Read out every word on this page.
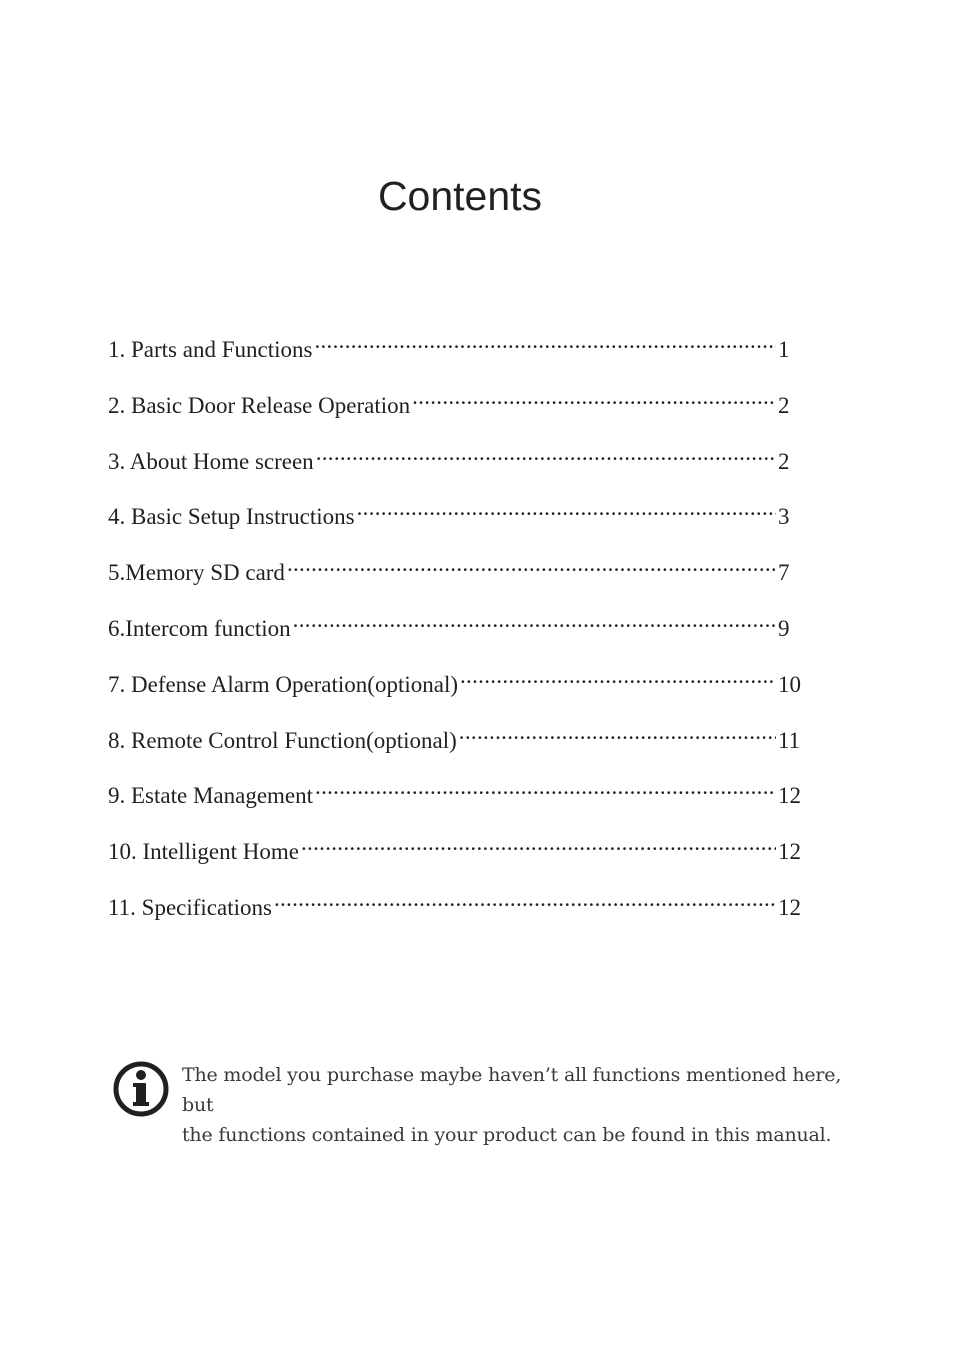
Contents
1. Parts and Functions .....	1
2. Basic Door Release Operation .....	2
3. About Home screen .....	2
4. Basic Setup Instructions .....	3
5.Memory SD card .....	7
6.Intercom function .....	9
7. Defense Alarm Operation(optional) .....	10
8. Remote Control Function(optional) .....	11
9. Estate Management .....	12
10. Intelligent Home .....	12
11. Specifications .....	12
The model you purchase maybe haven’t all functions mentioned here, but
the functions contained in your product can be found in this manual.
